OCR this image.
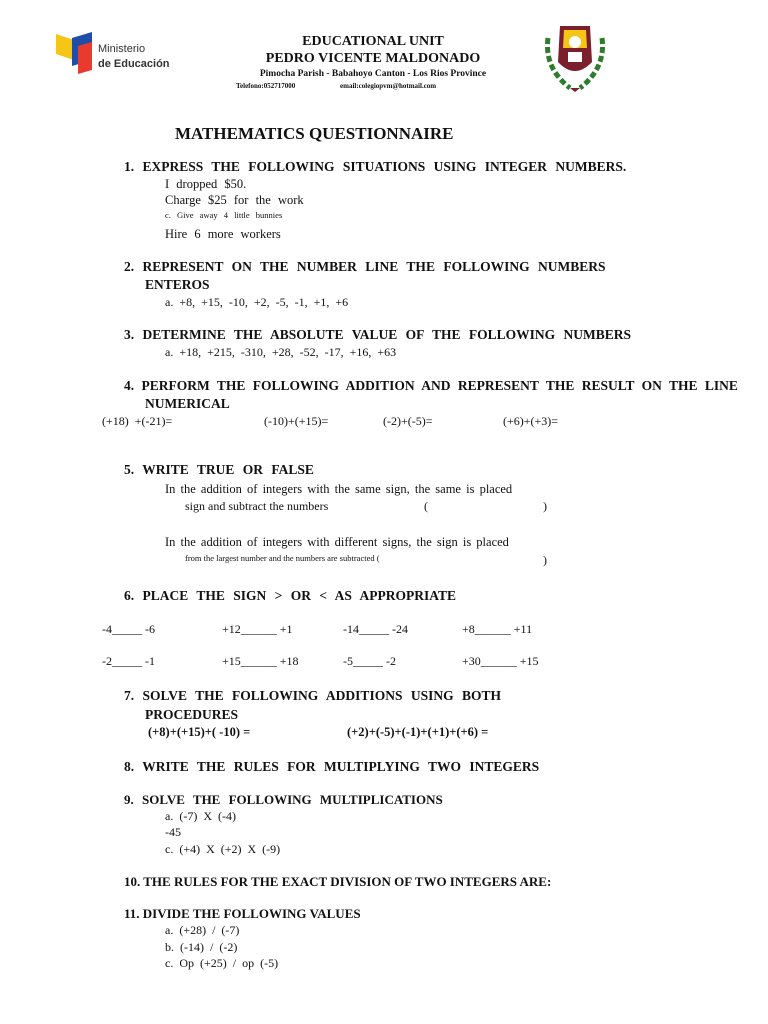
Ministerio
de Educación
EDUCATIONAL UNIT
PEDRO VICENTE MALDONADO
Pimocha Parish - Babahoyo Canton - Los Rios Province
Telefono:052717000	email:colegiopvm@hotmail.com
MATHEMATICS QUESTIONNAIRE
1. EXPRESS THE FOLLOWING SITUATIONS USING INTEGER NUMBERS.
I dropped $50.
Charge $25 for the work
c. Give away 4 little bunnies
Hire 6 more workers
2. REPRESENT ON THE NUMBER LINE THE FOLLOWING NUMBERS
ENTEROS
a. +8, +15, -10, +2, -5, -1, +1, +6
3. DETERMINE THE ABSOLUTE VALUE OF THE FOLLOWING NUMBERS
a. +18, +215, -310, +28, -52, -17, +16, +63
4. PERFORM THE FOLLOWING ADDITION AND REPRESENT THE RESULT ON THE LINE
NUMERICAL
(+18) +(-21)=	(-10)+(+15)=	(-2)+(-5)=	(+6)+(+3)=
5. WRITE TRUE OR FALSE
In the addition of integers with the same sign, the same is placed
sign and subtract the numbers	(	)
In the addition of integers with different signs, the sign is placed
from the largest number and the numbers are subtracted (	)
6. PLACE THE SIGN > OR < AS APPROPRIATE
-4_____ -6	+12______ +1	-14_____ -24	+8______ +11
-2_____ -1	+15______ +18	-5_____ -2	+30______ +15
7. SOLVE THE FOLLOWING ADDITIONS USING BOTH
PROCEDURES
(+8)+(+15)+( -10) =	(+2)+(-5)+(-1)+(+1)+(+6) =
8. WRITE THE RULES FOR MULTIPLYING TWO INTEGERS
9. SOLVE THE FOLLOWING MULTIPLICATIONS
a. (-7) X (-4)
-45
c. (+4) X (+2) X (-9)
10. THE RULES FOR THE EXACT DIVISION OF TWO INTEGERS ARE:
11. DIVIDE THE FOLLOWING VALUES
a. (+28) / (-7)
b. (-14) / (-2)
c. Op (+25) / op (-5)
